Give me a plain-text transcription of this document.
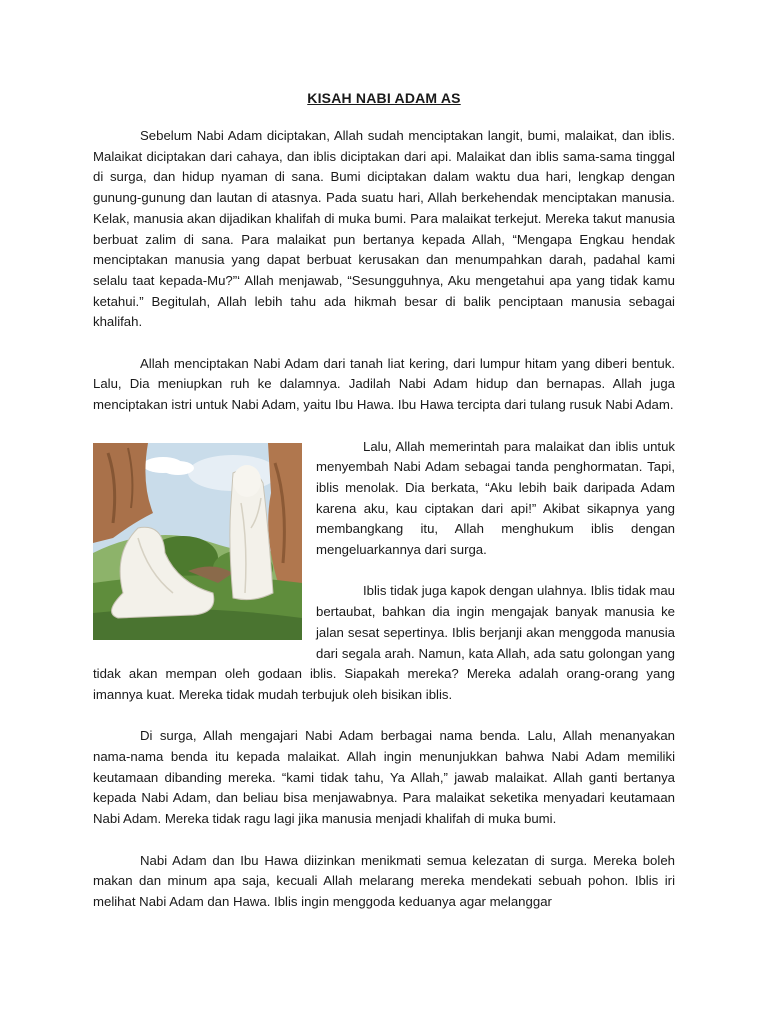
KISAH NABI ADAM AS

Sebelum Nabi Adam diciptakan, Allah sudah menciptakan langit, bumi, malaikat, dan iblis. Malaikat diciptakan dari cahaya, dan iblis diciptakan dari api. Malaikat dan iblis sama-sama tinggal di surga, dan hidup nyaman di sana. Bumi diciptakan dalam waktu dua hari, lengkap dengan gunung-gunung dan lautan di atasnya. Pada suatu hari, Allah berkehendak menciptakan manusia. Kelak, manusia akan dijadikan khalifah di muka bumi. Para malaikat terkejut. Mereka takut manusia berbuat zalim di sana. Para malaikat pun bertanya kepada Allah, “Mengapa Engkau hendak menciptakan manusia yang dapat berbuat kerusakan dan menumpahkan darah, padahal kami selalu taat kepada-Mu?”‘ Allah menjawab, “Sesungguhnya, Aku mengetahui apa yang tidak kamu ketahui.” Begitulah, Allah lebih tahu ada hikmah besar di balik penciptaan manusia sebagai khalifah.

Allah menciptakan Nabi Adam dari tanah liat kering, dari lumpur hitam yang diberi bentuk. Lalu, Dia meniupkan ruh ke dalamnya. Jadilah Nabi Adam hidup dan bernapas. Allah juga menciptakan istri untuk Nabi Adam, yaitu Ibu Hawa. Ibu Hawa tercipta dari tulang rusuk Nabi Adam.

Lalu, Allah memerintah para malaikat dan iblis untuk menyembah Nabi Adam sebagai tanda penghormatan. Tapi, iblis menolak. Dia berkata, “Aku lebih baik daripada Adam karena aku, kau ciptakan dari api!” Akibat sikapnya yang membangkang itu, Allah menghukum iblis dengan mengeluarkannya dari surga.

Iblis tidak juga kapok dengan ulahnya. Iblis tidak mau bertaubat, bahkan dia ingin mengajak banyak manusia ke jalan sesat sepertinya. Iblis berjanji akan menggoda manusia dari segala arah. Namun, kata Allah, ada satu golongan yang tidak akan mempan oleh godaan iblis. Siapakah mereka? Mereka adalah orang-orang yang imannya kuat. Mereka tidak mudah terbujuk oleh bisikan iblis.

Di surga, Allah mengajari Nabi Adam berbagai nama benda. Lalu, Allah menanyakan nama-nama benda itu kepada malaikat. Allah ingin menunjukkan bahwa Nabi Adam memiliki keutamaan dibanding mereka. “kami tidak tahu, Ya Allah,” jawab malaikat. Allah ganti bertanya kepada Nabi Adam, dan beliau bisa menjawabnya. Para malaikat seketika menyadari keutamaan Nabi Adam. Mereka tidak ragu lagi jika manusia menjadi khalifah di muka bumi.

Nabi Adam dan Ibu Hawa diizinkan menikmati semua kelezatan di surga. Mereka boleh makan dan minum apa saja, kecuali Allah melarang mereka mendekati sebuah pohon. Iblis iri melihat Nabi Adam dan Hawa. Iblis ingin menggoda keduanya agar melanggar
